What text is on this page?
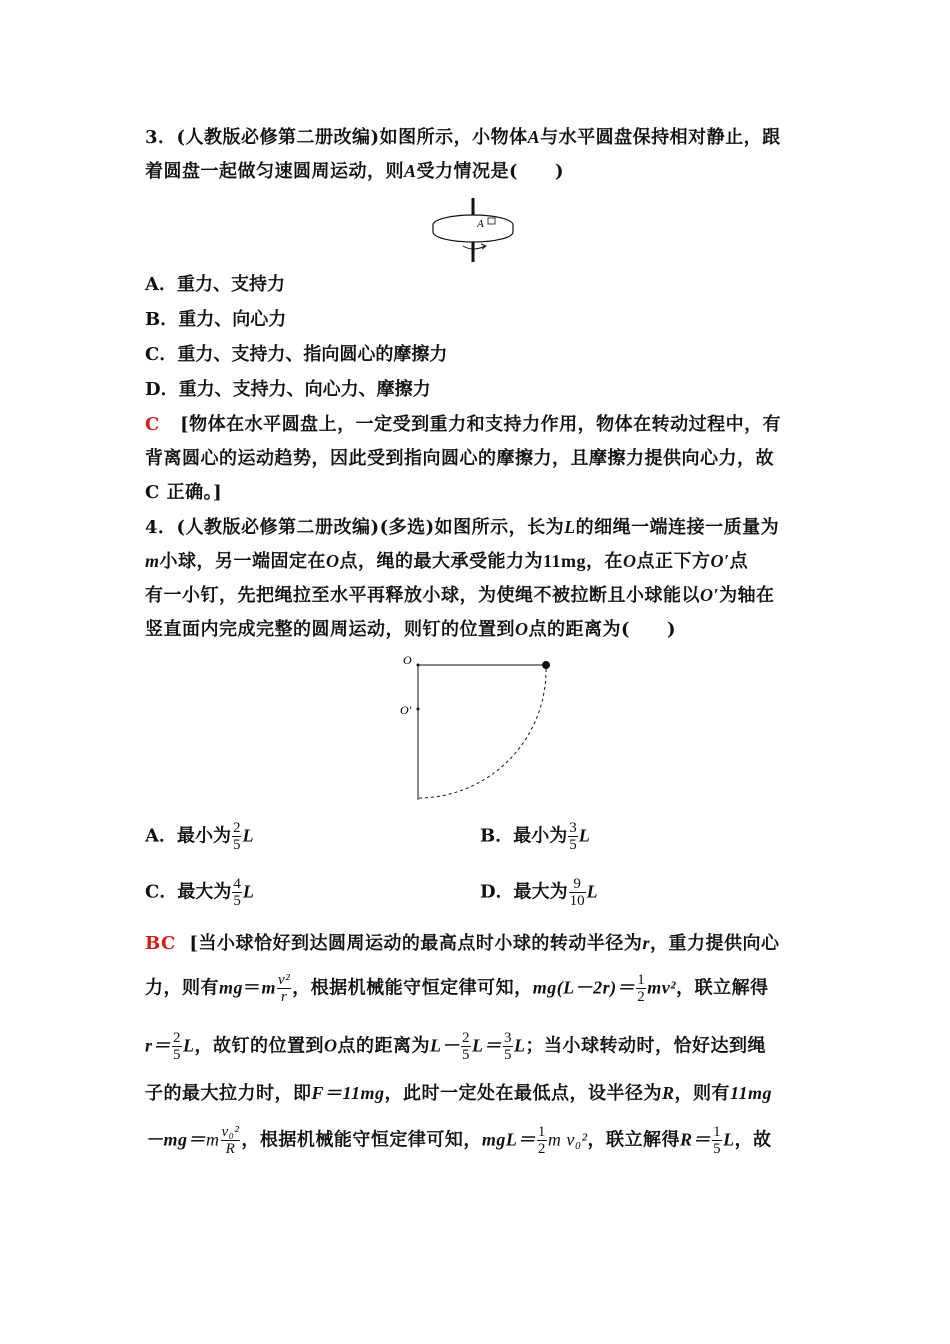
3．(人教版必修第二册改编)如图所示，小物体A与水平圆盘保持相对静止，跟
着圆盘一起做匀速圆周运动，则A受力情况是(　　)
A
A．重力、支持力
B．重力、向心力
C．重力、支持力、指向圆心的摩擦力
D．重力、支持力、向心力、摩擦力
C [物体在水平圆盘上，一定受到重力和支持力作用，物体在转动过程中，有
背离圆心的运动趋势，因此受到指向圆心的摩擦力，且摩擦力提供向心力，故
C 正确。]
4．(人教版必修第二册改编)(多选)如图所示，长为L的细绳一端连接一质量为
m小球，另一端固定在O点，绳的最大承受能力为11mg，在O点正下方O′点
有一小钉，先把绳拉至水平再释放小球，为使绳不被拉断且小球能以O′为轴在
竖直面内完成完整的圆周运动，则钉的位置到O点的距离为(　　)
O
O′
A．最小为 $\frac{2}{5}$ L	B．最小为 $\frac{3}{5}$ L
C．最大为 $\frac{4}{5}$ L	D．最大为 $\frac{9}{10}$ L
BC [当小球恰好到达圆周运动的最高点时小球的转动半径为r，重力提供向心
力，则有$mg=m \frac{\text{v²}}{r}$ ，根据机械能守恒定律可知，$mg(L-2r)= \frac{1}{2} mv^2$，联立解得
$r= \frac{2}{5}$ L，故钉的位置到O点的距离为$L- \frac{2}{5} L= \frac{3}{5}$ L；当小球转动时，恰好达到绳
子的最大拉力时，即F＝11mg，此时一定处在最低点，设半径为R，则有11mg
$-mg=m \frac{\text{v₀²}}{R}$ ，根据机械能守恒定律可知，$mgL= \frac{1}{2}$ m v₀²，联立解得$R= \frac{1}{5}$ L，故
